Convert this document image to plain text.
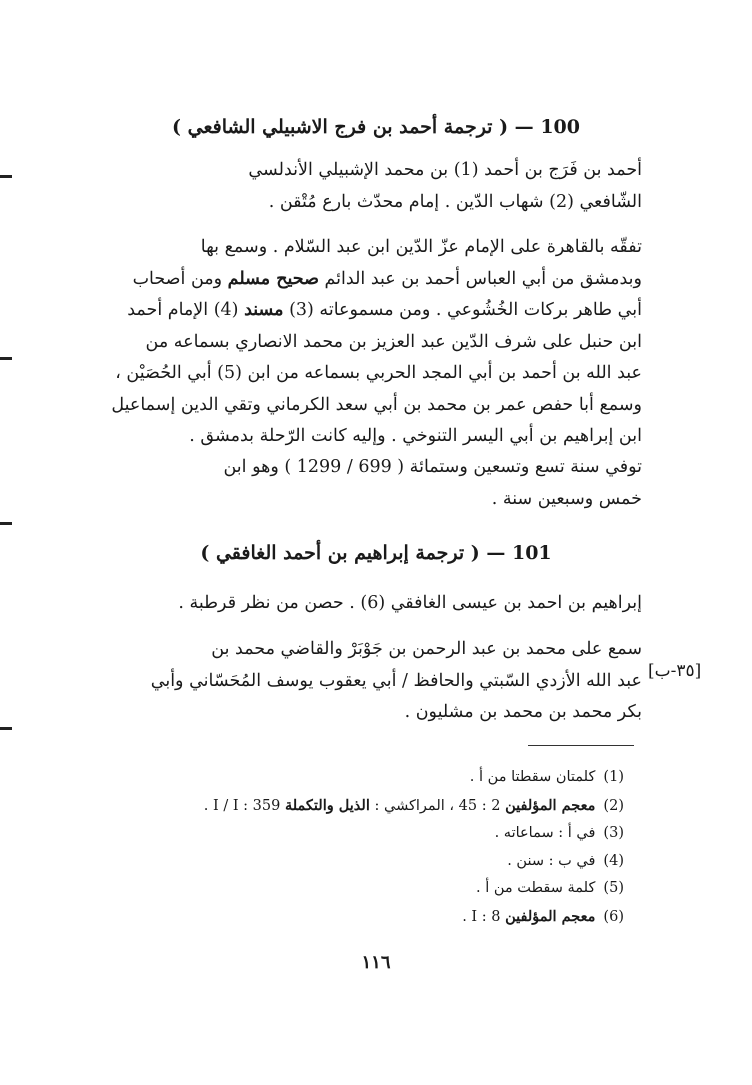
100 — ( ترجمة أحمد بن فرج الاشبيلي الشافعي )
أحمد بن فَرَج بن أحمد (1) بن محمد الإشبيلي الأندلسي
الشّافعي (2) شهاب الدّين . إمام محدّث بارع مُتْقن .
تفقّه بالقاهرة على الإمام عزّ الدّين ابن عبد السّلام . وسمع بها
وبدمشق من أبي العباس أحمد بن عبد الدائم صحيح مسلم ومن أصحاب
أبي طاهر بركات الخُشُوعي . ومن مسموعاته (3) مسند (4) الإمام أحمد
ابن حنبل على شرف الدّين عبد العزيز بن محمد الانصاري بسماعه من
عبد الله بن أحمد بن أبي المجد الحربي بسماعه من ابن (5) أبي الحُصَيْن ،
وسمع أبا حفص عمر بن محمد بن أبي سعد الكرماني وتقي الدين إسماعيل
ابن إبراهيم بن أبي اليسر التنوخي . وإليه كانت الرّحلة بدمشق .
توفي سنة تسع وتسعين وستمائة ( 699 / 1299 ) وهو ابن
خمس وسبعين سنة .
101 — ( ترجمة إبراهيم بن أحمد الغافقي )
إبراهيم بن احمد بن عيسى الغافقي (6) . حصن من نظر قرطبة .
سمع على محمد بن عبد الرحمن بن جَوْبَرْ والقاضي محمد بن
عبد الله الأزدي السّبتي والحافظ / أبي يعقوب يوسف المُحَسّاني وأبي
بكر محمد بن محمد بن مشليون .
[٣٥-ب]
(1) كلمتان سقطتا من أ .
(2) معجم المؤلفين 2 : 45 ، المراكشي : الذيل والتكملة I / I : 359 .
(3) في أ : سماعاته .
(4) في ب : سنن .
(5) كلمة سقطت من أ .
(6) معجم المؤلفين I : 8 .
١١٦
